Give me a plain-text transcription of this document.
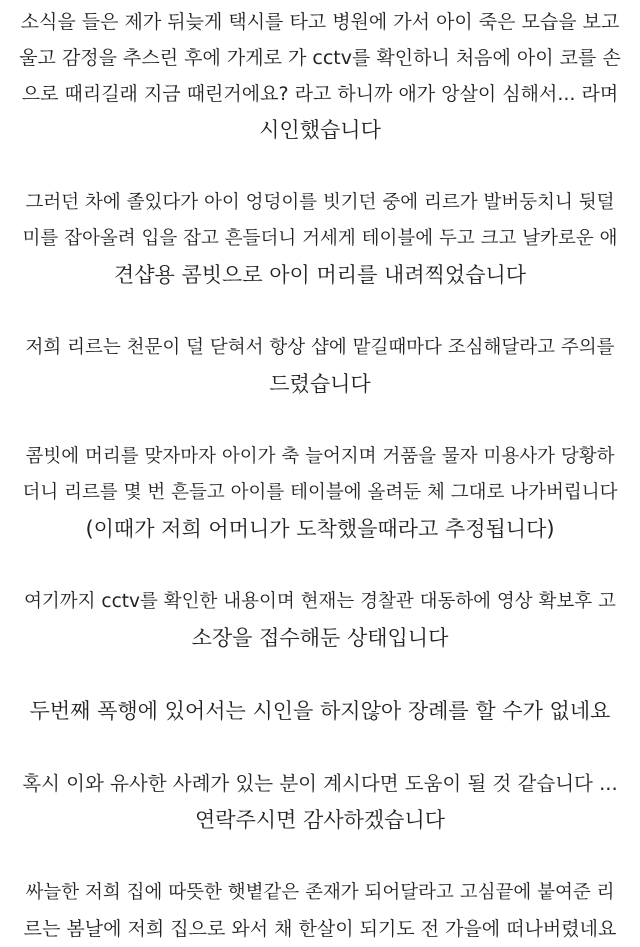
소식을 들은 제가 뒤늦게 택시를 타고 병원에 가서 아이 죽은 모습을 보고
울고 감정을 추스린 후에 가게로 가 cctv를 확인하니 처음에 아이 코를 손
으로 때리길래 지금 때린거에요? 라고 하니까 애가 앙살이 심해서... 라며
시인했습니다

그러던 차에 졸있다가 아이 엉덩이를 빗기던 중에 리르가 발버둥치니 뒷덜
미를 잡아올려 입을 잡고 흔들더니 거세게 테이블에 두고 크고 날카로운 애
견샵용 콤빗으로 아이 머리를 내려찍었습니다

저희 리르는 천문이 덜 닫혀서 항상 샵에 맡길때마다 조심해달라고 주의를
드렸습니다

콤빗에 머리를 맞자마자 아이가 축 늘어지며 거품을 물자 미용사가 당황하
더니 리르를 몇 번 흔들고 아이를 테이블에 올려둔 체 그대로 나가버립니다
(이때가 저희 어머니가 도착했을때라고 추정됩니다)

여기까지 cctv를 확인한 내용이며 현재는 경찰관 대동하에 영상 확보후 고
소장을 접수해둔 상태입니다

두번째 폭행에 있어서는 시인을 하지않아 장례를 할 수가 없네요

혹시 이와 유사한 사례가 있는 분이 계시다면 도움이 될 것 같습니다 ...
연락주시면 감사하겠습니다

싸늘한 저희 집에 따뜻한 햇볕같은 존재가 되어달라고 고심끝에 붙여준 리
르는 봄날에 저희 집으로 와서 채 한살이 되기도 전 가을에 떠나버렸네요
